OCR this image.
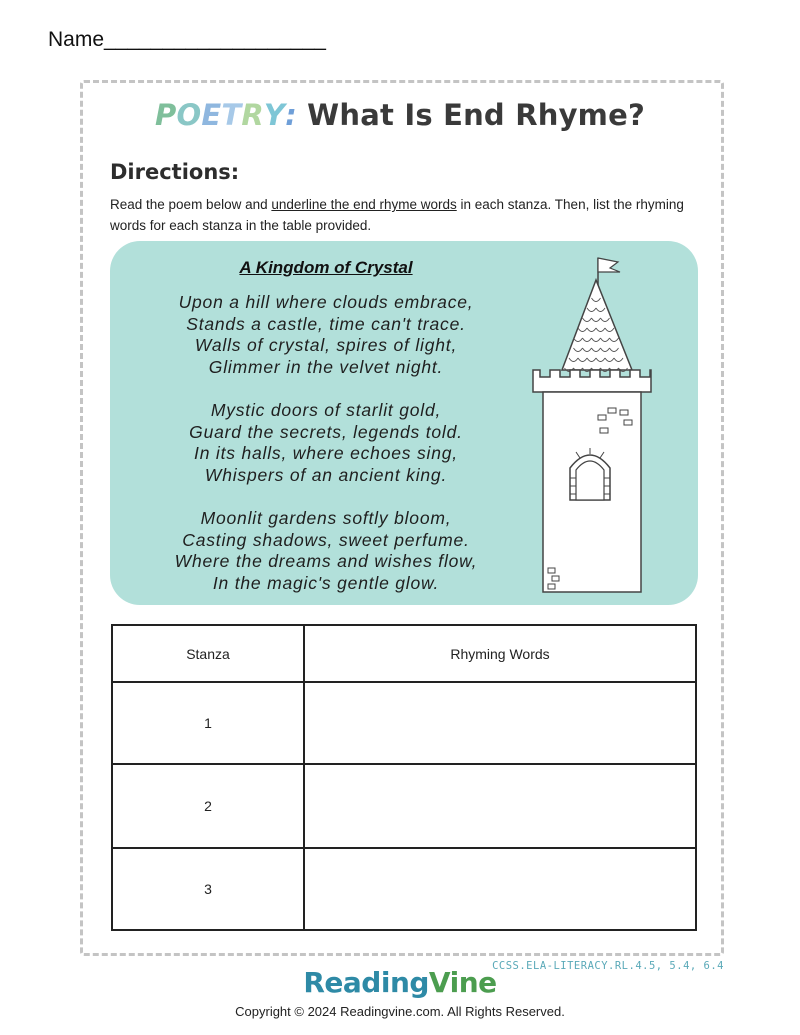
Name___________________
POETRY: What Is End Rhyme?
Directions:
Read the poem below and underline the end rhyme words in each stanza. Then, list the rhyming words for each stanza in the table provided.
A Kingdom of Crystal
Upon a hill where clouds embrace,
Stands a castle, time can't trace.
Walls of crystal, spires of light,
Glimmer in the velvet night.
Mystic doors of starlit gold,
Guard the secrets, legends told.
In its halls, where echoes sing,
Whispers of an ancient king.
Moonlit gardens softly bloom,
Casting shadows, sweet perfume.
Where the dreams and wishes flow,
In the magic's gentle glow.
Stanza	Rhyming Words
1
2
3
CCSS.ELA-LITERACY.RL.4.5, 5.4, 6.4
ReadingVine
Copyright © 2024 Readingvine.com. All Rights Reserved.
